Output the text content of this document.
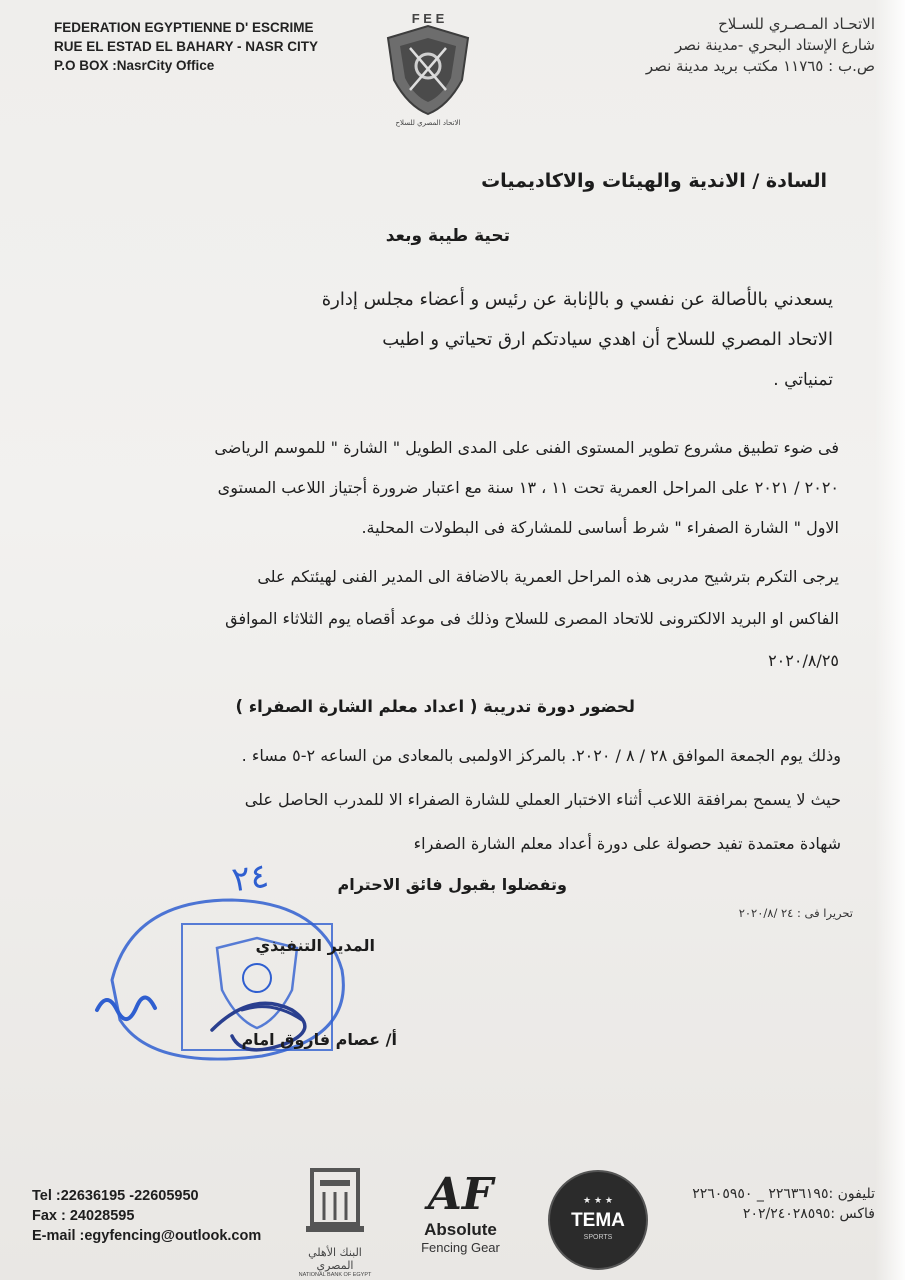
FEDERATION EGYPTIENNE D' ESCRIME
RUE EL ESTAD EL BAHARY - NASR CITY
P.O BOX :NasrCity Office
F E E
الاتحاد المصري للسلاح
الاتحـاد المـصـري للسـلاح
شارع الإستاد البحري -مدينة نصر
ص.ب : ١١٧٦٥ مكتب بريد مدينة نصر
السادة / الاندية والهيئات والاكاديميات
تحية طيبة وبعد
يسعدني بالأصالة عن نفسي و بالإنابة عن رئيس و أعضاء مجلس إدارة
الاتحاد المصري للسلاح أن اهدي سيادتكم ارق تحياتي و اطيب
تمنياتي .
فى ضوء تطبيق مشروع تطوير المستوى الفنى على المدى الطويل " الشارة " للموسم الرياضى
٢٠٢٠ / ٢٠٢١ على المراحل العمرية تحت ١١ ، ١٣ سنة مع اعتبار ضرورة أجتياز اللاعب المستوى
الاول " الشارة الصفراء " شرط أساسى للمشاركة فى البطولات المحلية.
يرجى التكرم بترشيح مدربى هذه المراحل العمرية بالاضافة الى المدير الفنى لهيئتكم على
الفاكس او البريد الالكترونى للاتحاد المصرى للسلاح وذلك فى موعد أقصاه يوم الثلاثاء الموافق
٢٠٢٠/٨/٢٥
لحضور دورة تدريبة ( اعداد معلم الشارة الصفراء )
وذلك يوم الجمعة الموافق ٢٨ / ٨ / ٢٠٢٠. بالمركز الاولمبى بالمعادى من الساعه ٢-٥ مساء .
حيث لا يسمح بمرافقة اللاعب أثناء الاختبار العملي للشارة الصفراء الا للمدرب الحاصل على
شهادة معتمدة تفيد حصولة على دورة أعداد معلم الشارة الصفراء
وتفضلوا بقبول فائق الاحترام
تحريرا فى : ٢٤ /٢٠٢٠/٨
٢٤
المدير التنفيذي
أ/ عصام فاروق امام
Tel :22636195 -22605950
Fax : 24028595
E-mail :egyfencing@outlook.com
البنك الأهلي المصري
NATIONAL BANK OF EGYPT
AF
Absolute
Fencing Gear
★ ★ ★
TEMA
SPORTS
تليفون :٢٢٦٣٦١٩٥ _ ٢٢٦٠٥٩٥٠
فاكس :٢٠٢/٢٤٠٢٨٥٩٥
